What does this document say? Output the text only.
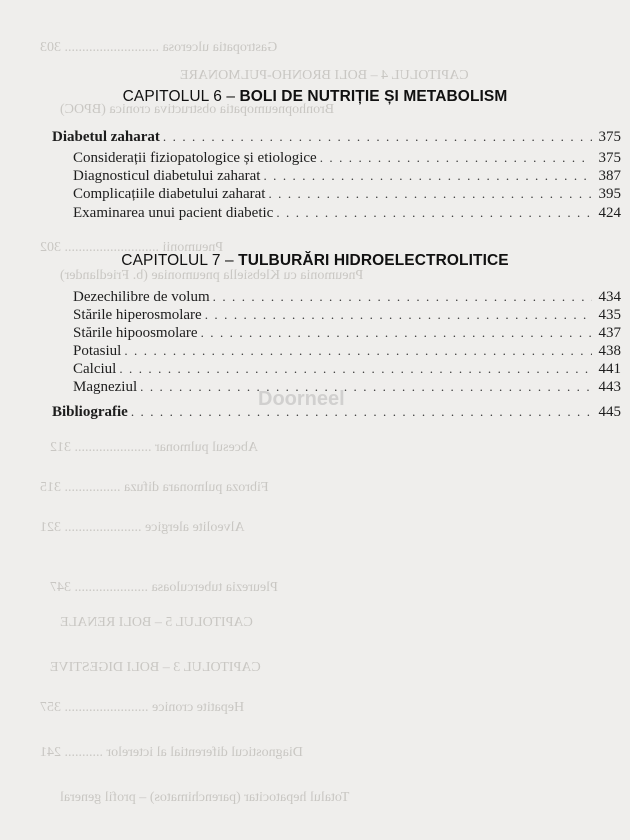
Gastropatia ulcerosa ........................... 303
CAPITOLUL 4 – BOLI BRONHO-PULMONARE
Bronhopneumopatia obstructiva cronica (BPOC)
Pneumonii ........................... 302
Pneumonia cu Klebsiella pneumoniae (b. Friedlander)
Abcesul pulmonar ...................... 312
Fibroza pulmonara difuza ................ 315
Alveolite alergice ...................... 321
Pleurezia tuberculoasa ..................... 347
CAPITOLUL 5 – BOLI RENALE
CAPITOLUL 3 – BOLI DIGESTIVE
Hepatite cronice ........................ 357
Diagnosticul diferential al icterelor ........... 241
Totalul hepatocitar (parenchimatos) – profil general
CAPITOLUL 6 – BOLI DE NUTRIȚIE ȘI METABOLISM
Diabetul zaharat . . .	375
Considerații fiziopatologice și etiologice . . .	375
Diagnosticul diabetului zaharat . . .	387
Complicațiile diabetului zaharat . . .	395
Examinarea unui pacient diabetic . . .	424
CAPITOLUL 7 – TULBURĂRI HIDROELECTROLITICE
Dezechilibre de volum . . .	434
Stările hiperosmolare . . .	435
Stările hipoosmolare . . .	437
Potasiul . . .	438
Calciul . . .	441
Magneziul . . .	443
Bibliografie . . .	445
Doorneel
